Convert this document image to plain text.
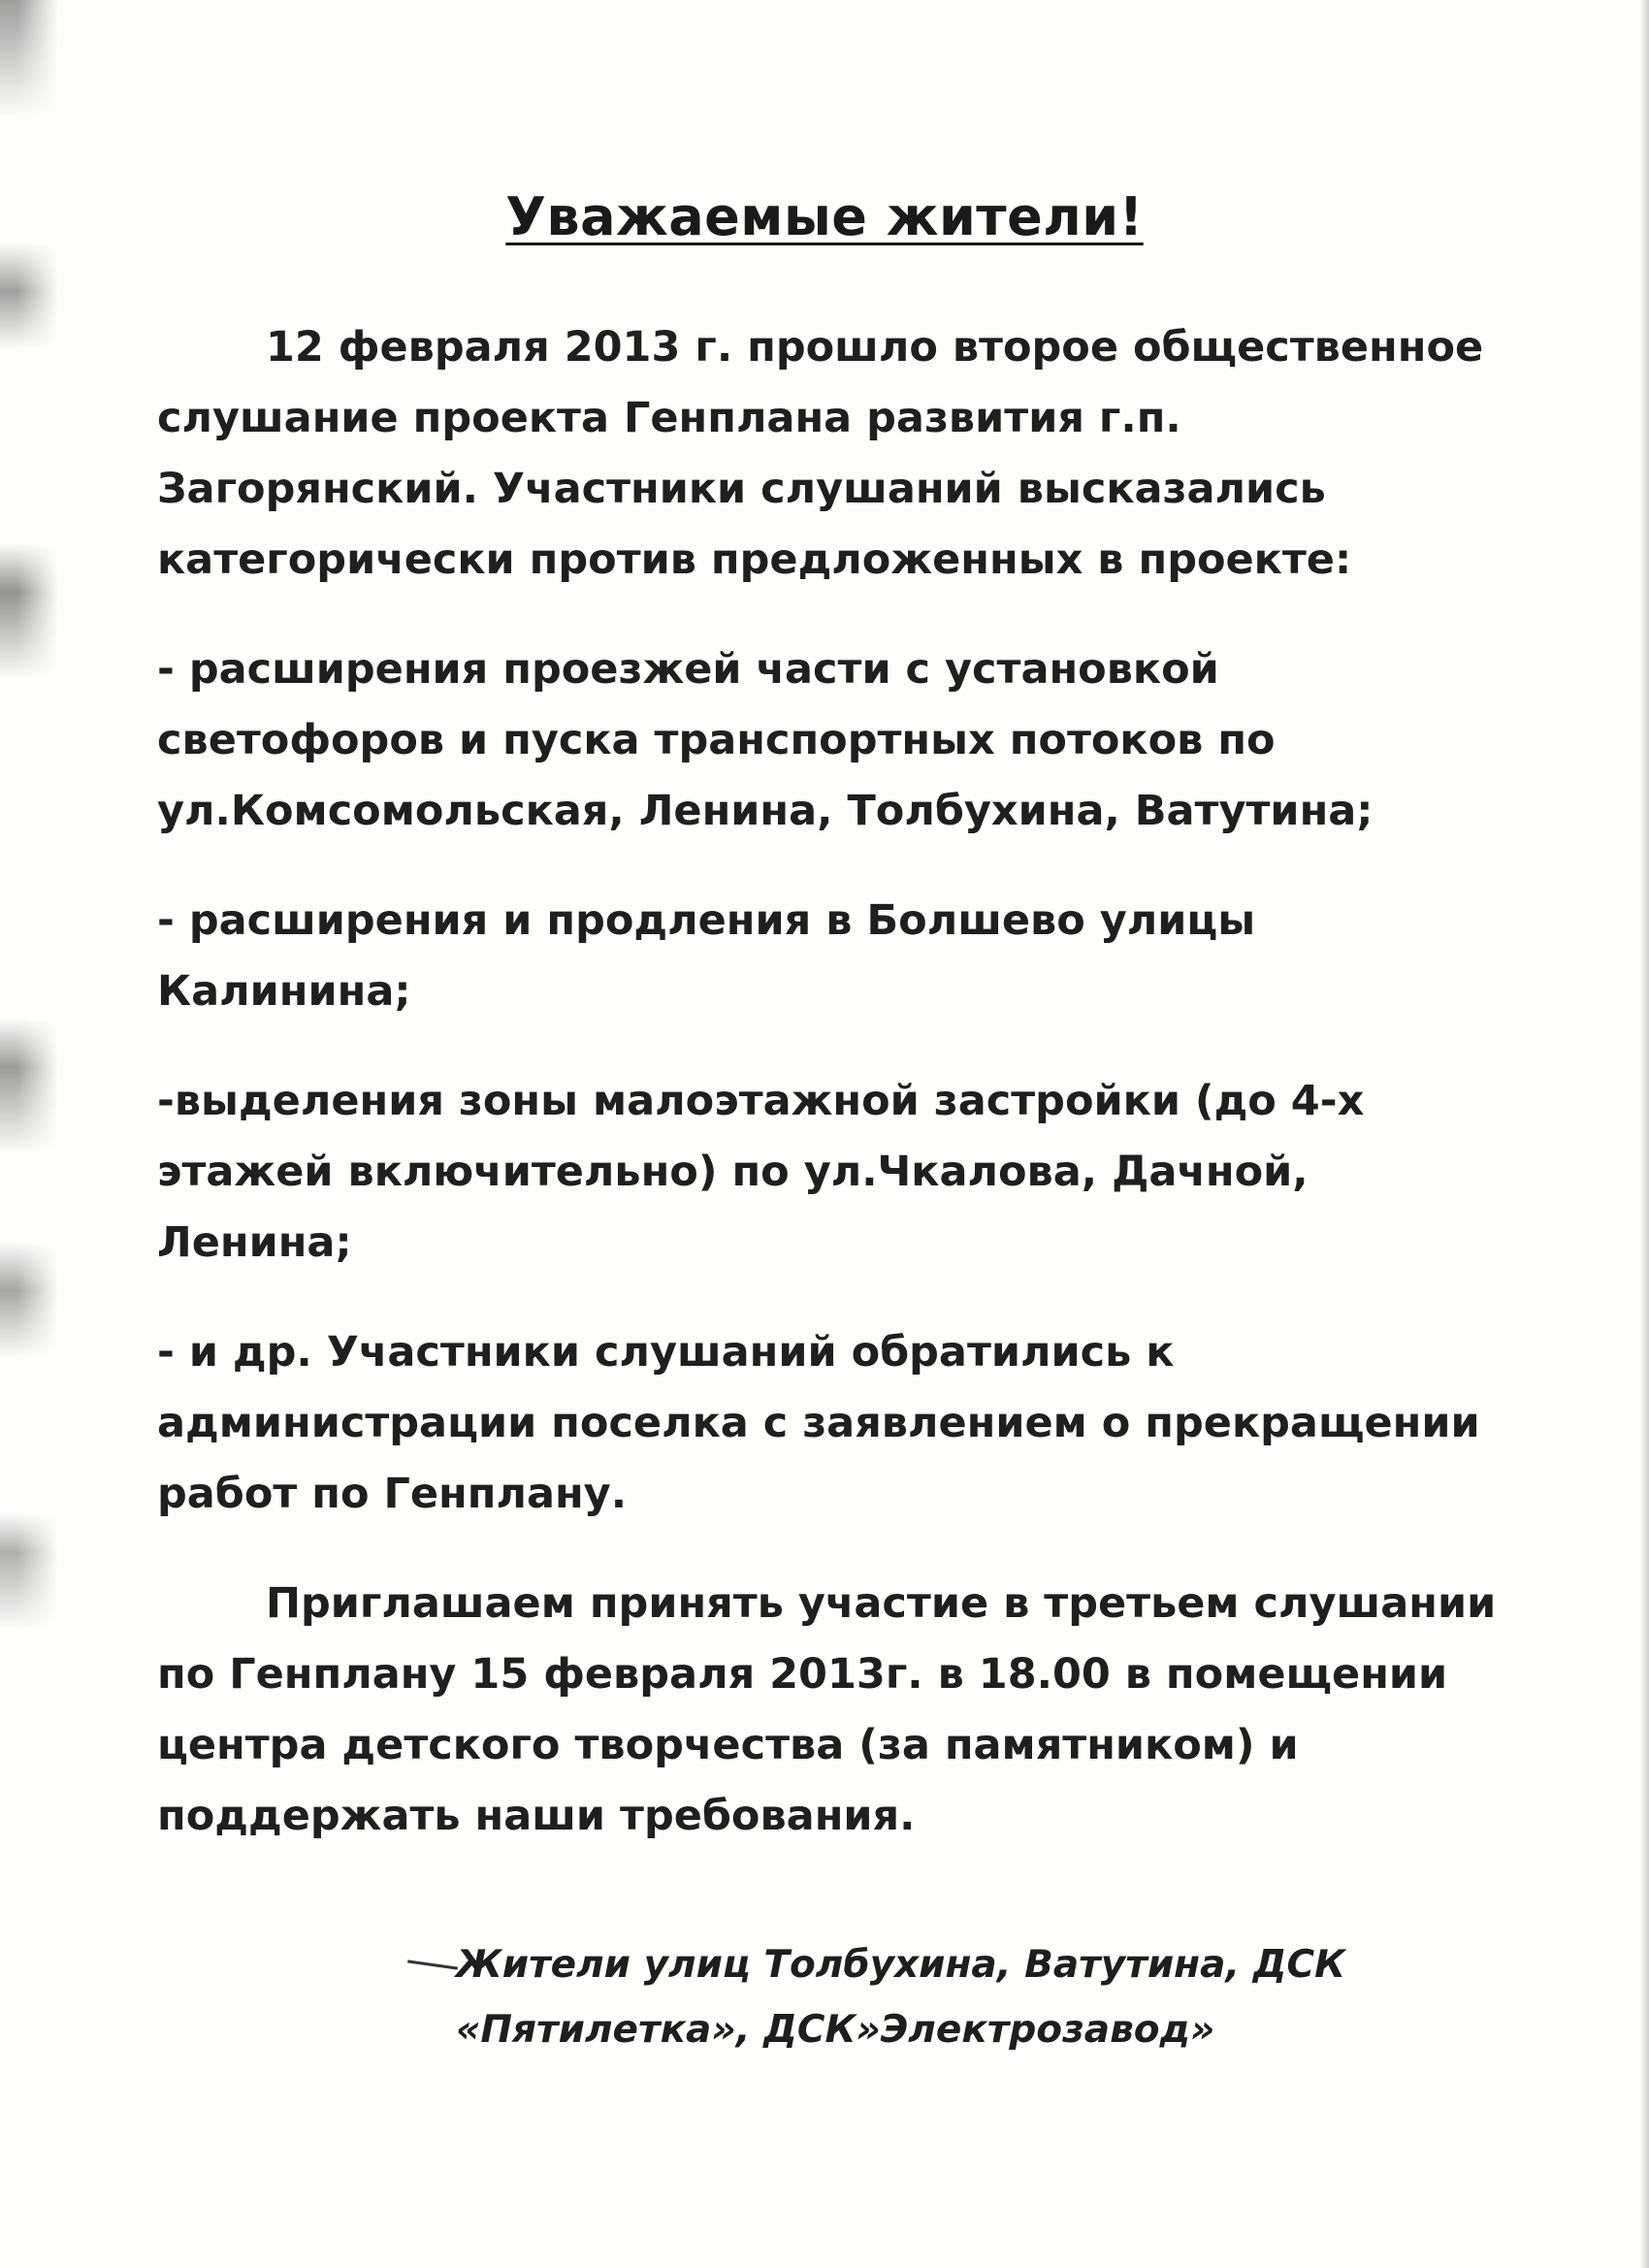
Уважаемые жители!

12 февраля 2013 г. прошло второе общественное слушание проекта Генплана развития г.п. Загорянский. Участники слушаний высказались категорически против предложенных в проекте:

- расширения проезжей части с установкой светофоров и пуска транспортных потоков по ул.Комсомольская, Ленина, Толбухина, Ватутина;

- расширения и продления в Болшево улицы Калинина;

-выделения зоны малоэтажной застройки (до 4-х этажей включительно) по ул.Чкалова, Дачной, Ленина;

- и др. Участники слушаний обратились к администрации поселка с заявлением о прекращении работ по Генплану.

Приглашаем принять участие в третьем слушании по Генплану 15 февраля 2013г. в 18.00 в помещении центра детского творчества (за памятником) и поддержать наши требования.

Жители улиц Толбухина, Ватутина, ДСК
«Пятилетка», ДСК»Электрозавод»
